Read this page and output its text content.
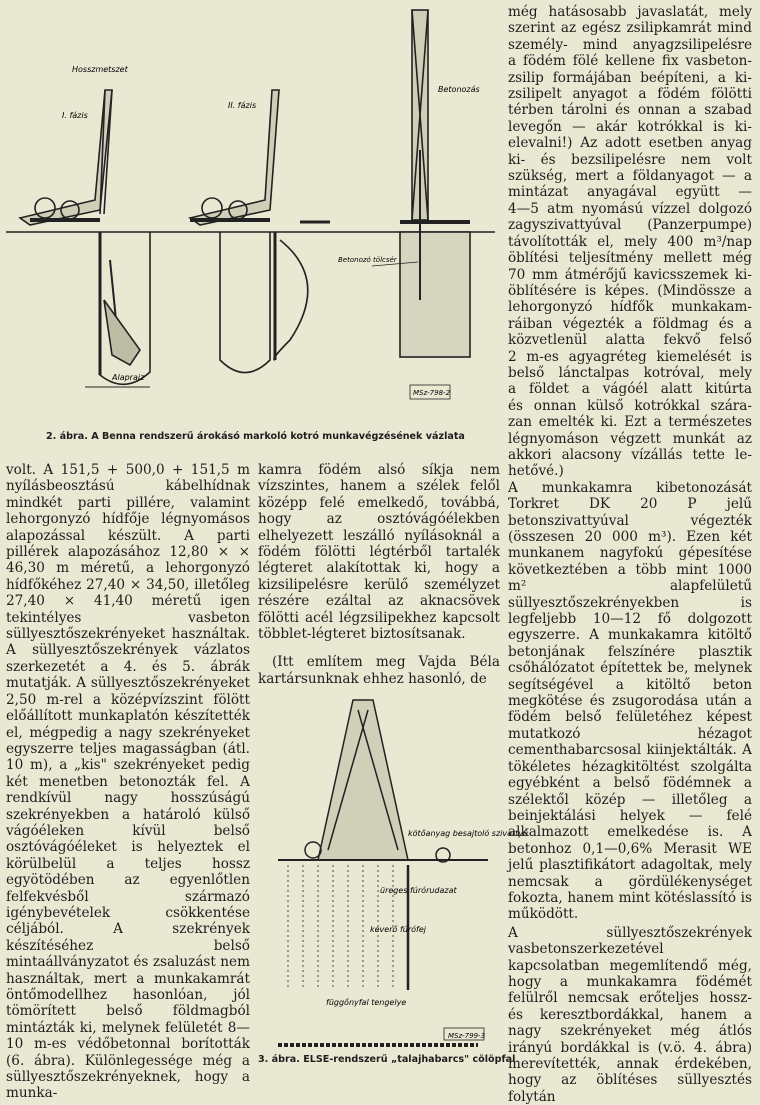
Hosszmetszet
I. fázis
II. fázis
Betonozás
Betonozó tölcsér
Alaprajz
MSz-798-2
2. ábra. A Benna rendszerű árokásó markoló kotró munkavégzésének vázlata
kötőanyag besajtoló szivattyú
üreges fúrórudazat
keverő fúrófej
függőnyfal tengelye
MSz-799-3
3. ábra. ELSE-rendszerű „talajhabarcs" cölöpfal
még hatásosabb javaslatát, mely
szerint az egész zsilipkamrát mind
személy- mind anyagzsilipelésre
a födém fölé kellene fix vasbeton-
zsilip formájában beépíteni, a ki-
zsilipelt anyagot a födém fölötti
térben tárolni és onnan a szabad
levegőn — akár kotrókkal is ki-
elevalni!) Az adott esetben anyag
ki- és bezsilipelésre nem volt
szükség, mert a földanyagot — a
mintázat anyagával együtt —
4—5 atm nyomású vízzel dolgozó
zagyszivattyúval (Panzerpumpe)
távolították el, mely 400 m³/nap
öblítési teljesítmény mellett még
70 mm átmérőjű kavicsszemek ki-
öblítésére is képes. (Mindössze a
lehorgonyzó hídfők munkakam-
ráiban végezték a földmag és a
közvetlenül alatta fekvő felső
2 m-es agyagréteg kiemelését is
belső lánctalpas kotróval, mely
a földet a vágóél alatt kitúrta
és onnan külső kotrókkal szára-
zan emelték ki. Ezt a természetes
légnyomáson végzett munkát az
akkori alacsony vízállás tette le-
hetővé.)

A munkakamra kibetonozását Torkret DK 20 P jelű betonszivattyúval végezték (összesen 20 000 m³). Ezen két munkanem nagyfokú gépesítése következtében a több mint 1000 m² alapfelületű süllyesztőszekrényekben is legfeljebb 10—12 fő dolgozott egyszerre. A munkakamra kitöltő betonjának felszínére plasztik csőhálózatot építettek be, melynek segítségével a kitöltő beton megkötése és zsugorodása után a födém belső felületéhez képest mutatkozó hézagot cementhabarcsosal kiinjektálták. A tökéletes hézagkitöltést szolgálta egyébként a belső födémnek a szélektől közép — illetőleg a beinjektálási helyek — felé alkalmazott emelkedése is. A betonhoz 0,1—0,6% Merasit WE jelű plasztifikátort adagoltak, mely nemcsak a gördülékenységet fokozta, hanem mint kötéslassító is működött.

A süllyesztőszekrények vasbetonszerkezetével kapcsolatban megemlítendő még, hogy a munkakamra födémét felülről nemcsak erőteljes hossz- és keresztbordákkal, hanem a nagy szekrényeket még átlós irányú bordákkal is (v.ö. 4. ábra) merevítették, annak érdekében, hogy az öblítéses süllyesztés folytán

volt. A 151,5 + 500,0 + 151,5 m nyílásbeosztású kábelhídnak mindkét parti pillére, valamint lehorgonyzó hídfője légnyomásos alapozással készült. A parti pillérek alapozásához 12,80 × × 46,30 m méretű, a lehorgonyzó hídfőkéhez 27,40 × 34,50, illetőleg 27,40 × 41,40 méretű igen tekintélyes vasbeton süllyesztőszekrényeket használtak. A süllyesztőszekrények vázlatos szerkezetét a 4. és 5. ábrák mutatják. A süllyesztőszekrényeket 2,50 m-rel a középvízszint fölött előállított munkaplatón készítették el, mégpedig a nagy szekrényeket egyszerre teljes magasságban (átl. 10 m), a „kis" szekrényeket pedig két menetben betonozták fel. A rendkívül nagy hosszúságú szekrényekben a határoló külső vágóéleken kívül belső osztóvágóéleket is helyeztek el körülbelül a teljes hossz egyötödében az egyenlőtlen felfekvésből származó igénybevételek csökkentése céljából. A szekrények készítéséhez belső mintaállványzatot és zsaluzást nem használtak, mert a munkakamrát öntőmodellhez hasonlóan, jól tömörített belső földmagból mintázták ki, melynek felületét 8—10 m-es védőbetonnal borították (6. ábra). Különlegessége még a süllyesztőszekrényeknek, hogy a munka-

kamra födém alsó síkja nem vízszintes, hanem a szélek felől középp felé emelkedő, továbbá, hogy az osztóvágóélekben elhelyezett leszálló nyílásoknál a födém fölötti légtérből tartalék légteret alakítottak ki, hogy a kizsilipelésre kerülő személyzet részére ezáltal az aknacsövek fölötti acél légzsilipekhez kapcsolt többlet-légteret biztosítsanak.

(Itt említem meg Vajda Béla kartársunknak ehhez hasonló, de
